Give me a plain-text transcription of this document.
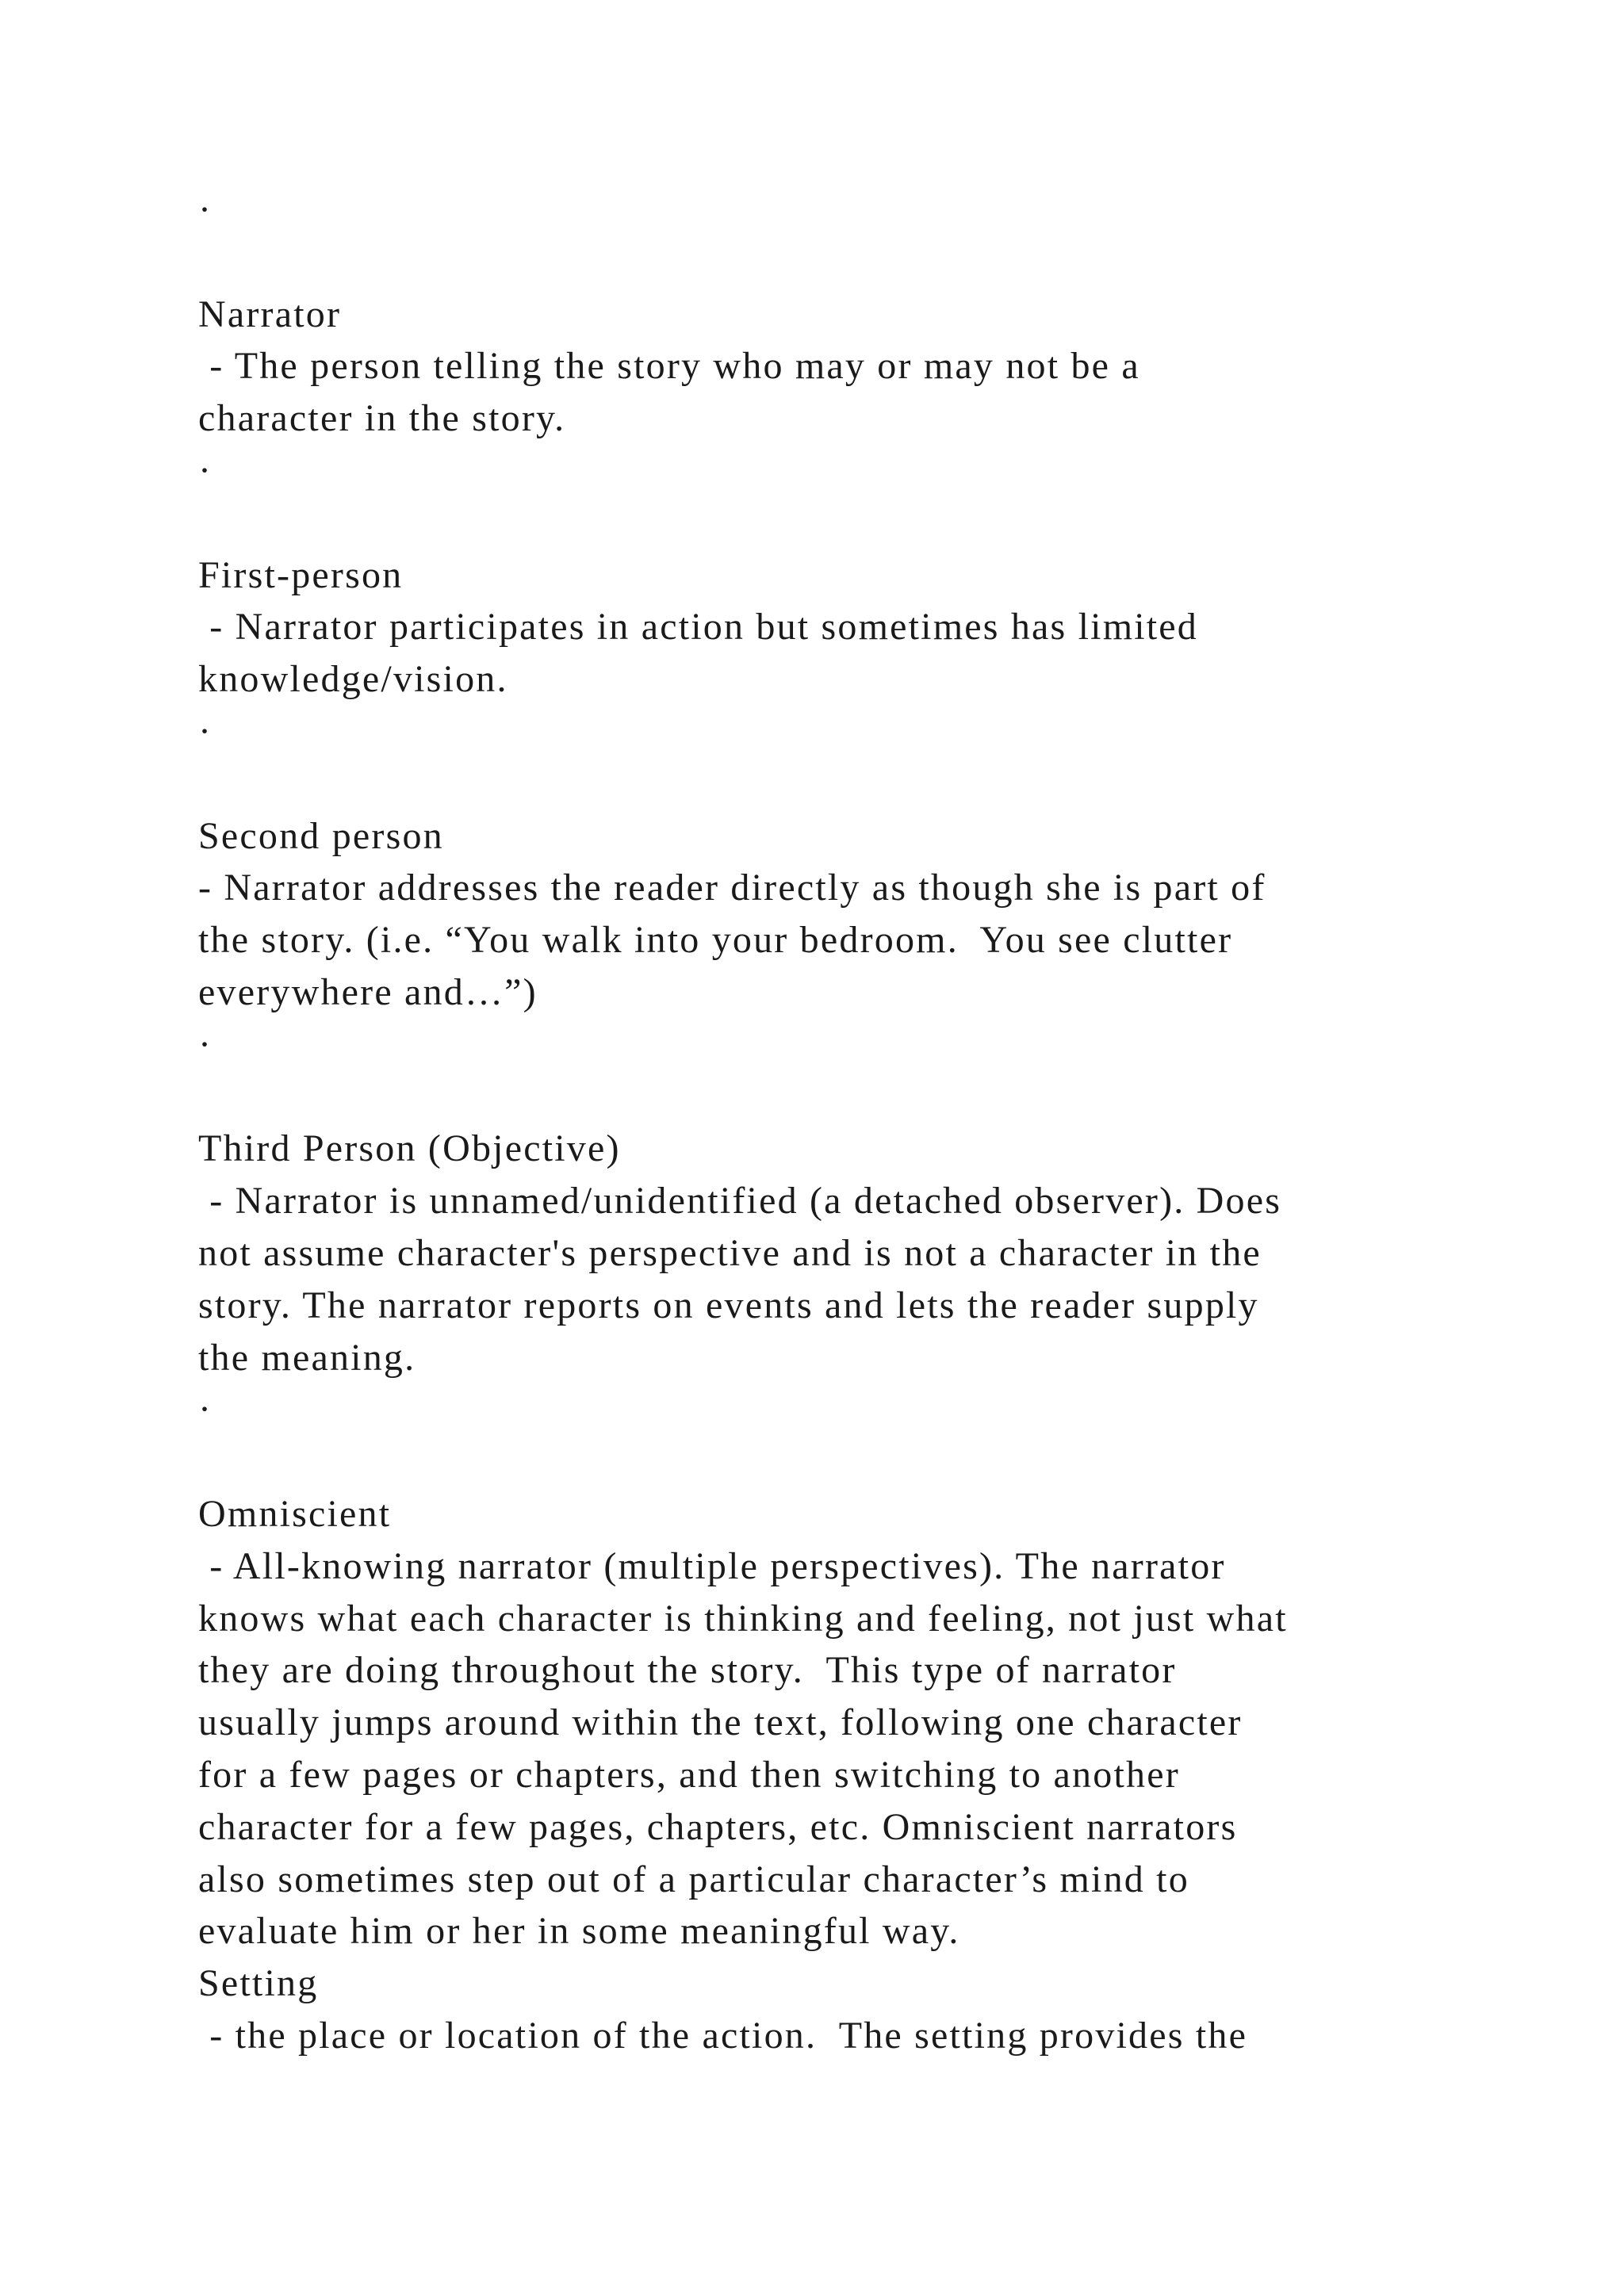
·
Narrator
- The person telling the story who may or may not be a
character in the story.
·
First-person
- Narrator participates in action but sometimes has limited
knowledge/vision.
·
Second person
- Narrator addresses the reader directly as though she is part of
the story. (i.e. “You walk into your bedroom.  You see clutter
everywhere and…”)
·
Third Person (Objective)
- Narrator is unnamed/unidentified (a detached observer). Does
not assume character's perspective and is not a character in the
story. The narrator reports on events and lets the reader supply
the meaning.
·
Omniscient
- All-knowing narrator (multiple perspectives). The narrator
knows what each character is thinking and feeling, not just what
they are doing throughout the story.  This type of narrator
usually jumps around within the text, following one character
for a few pages or chapters, and then switching to another
character for a few pages, chapters, etc. Omniscient narrators
also sometimes step out of a particular character’s mind to
evaluate him or her in some meaningful way.
Setting
- the place or location of the action.  The setting provides the
